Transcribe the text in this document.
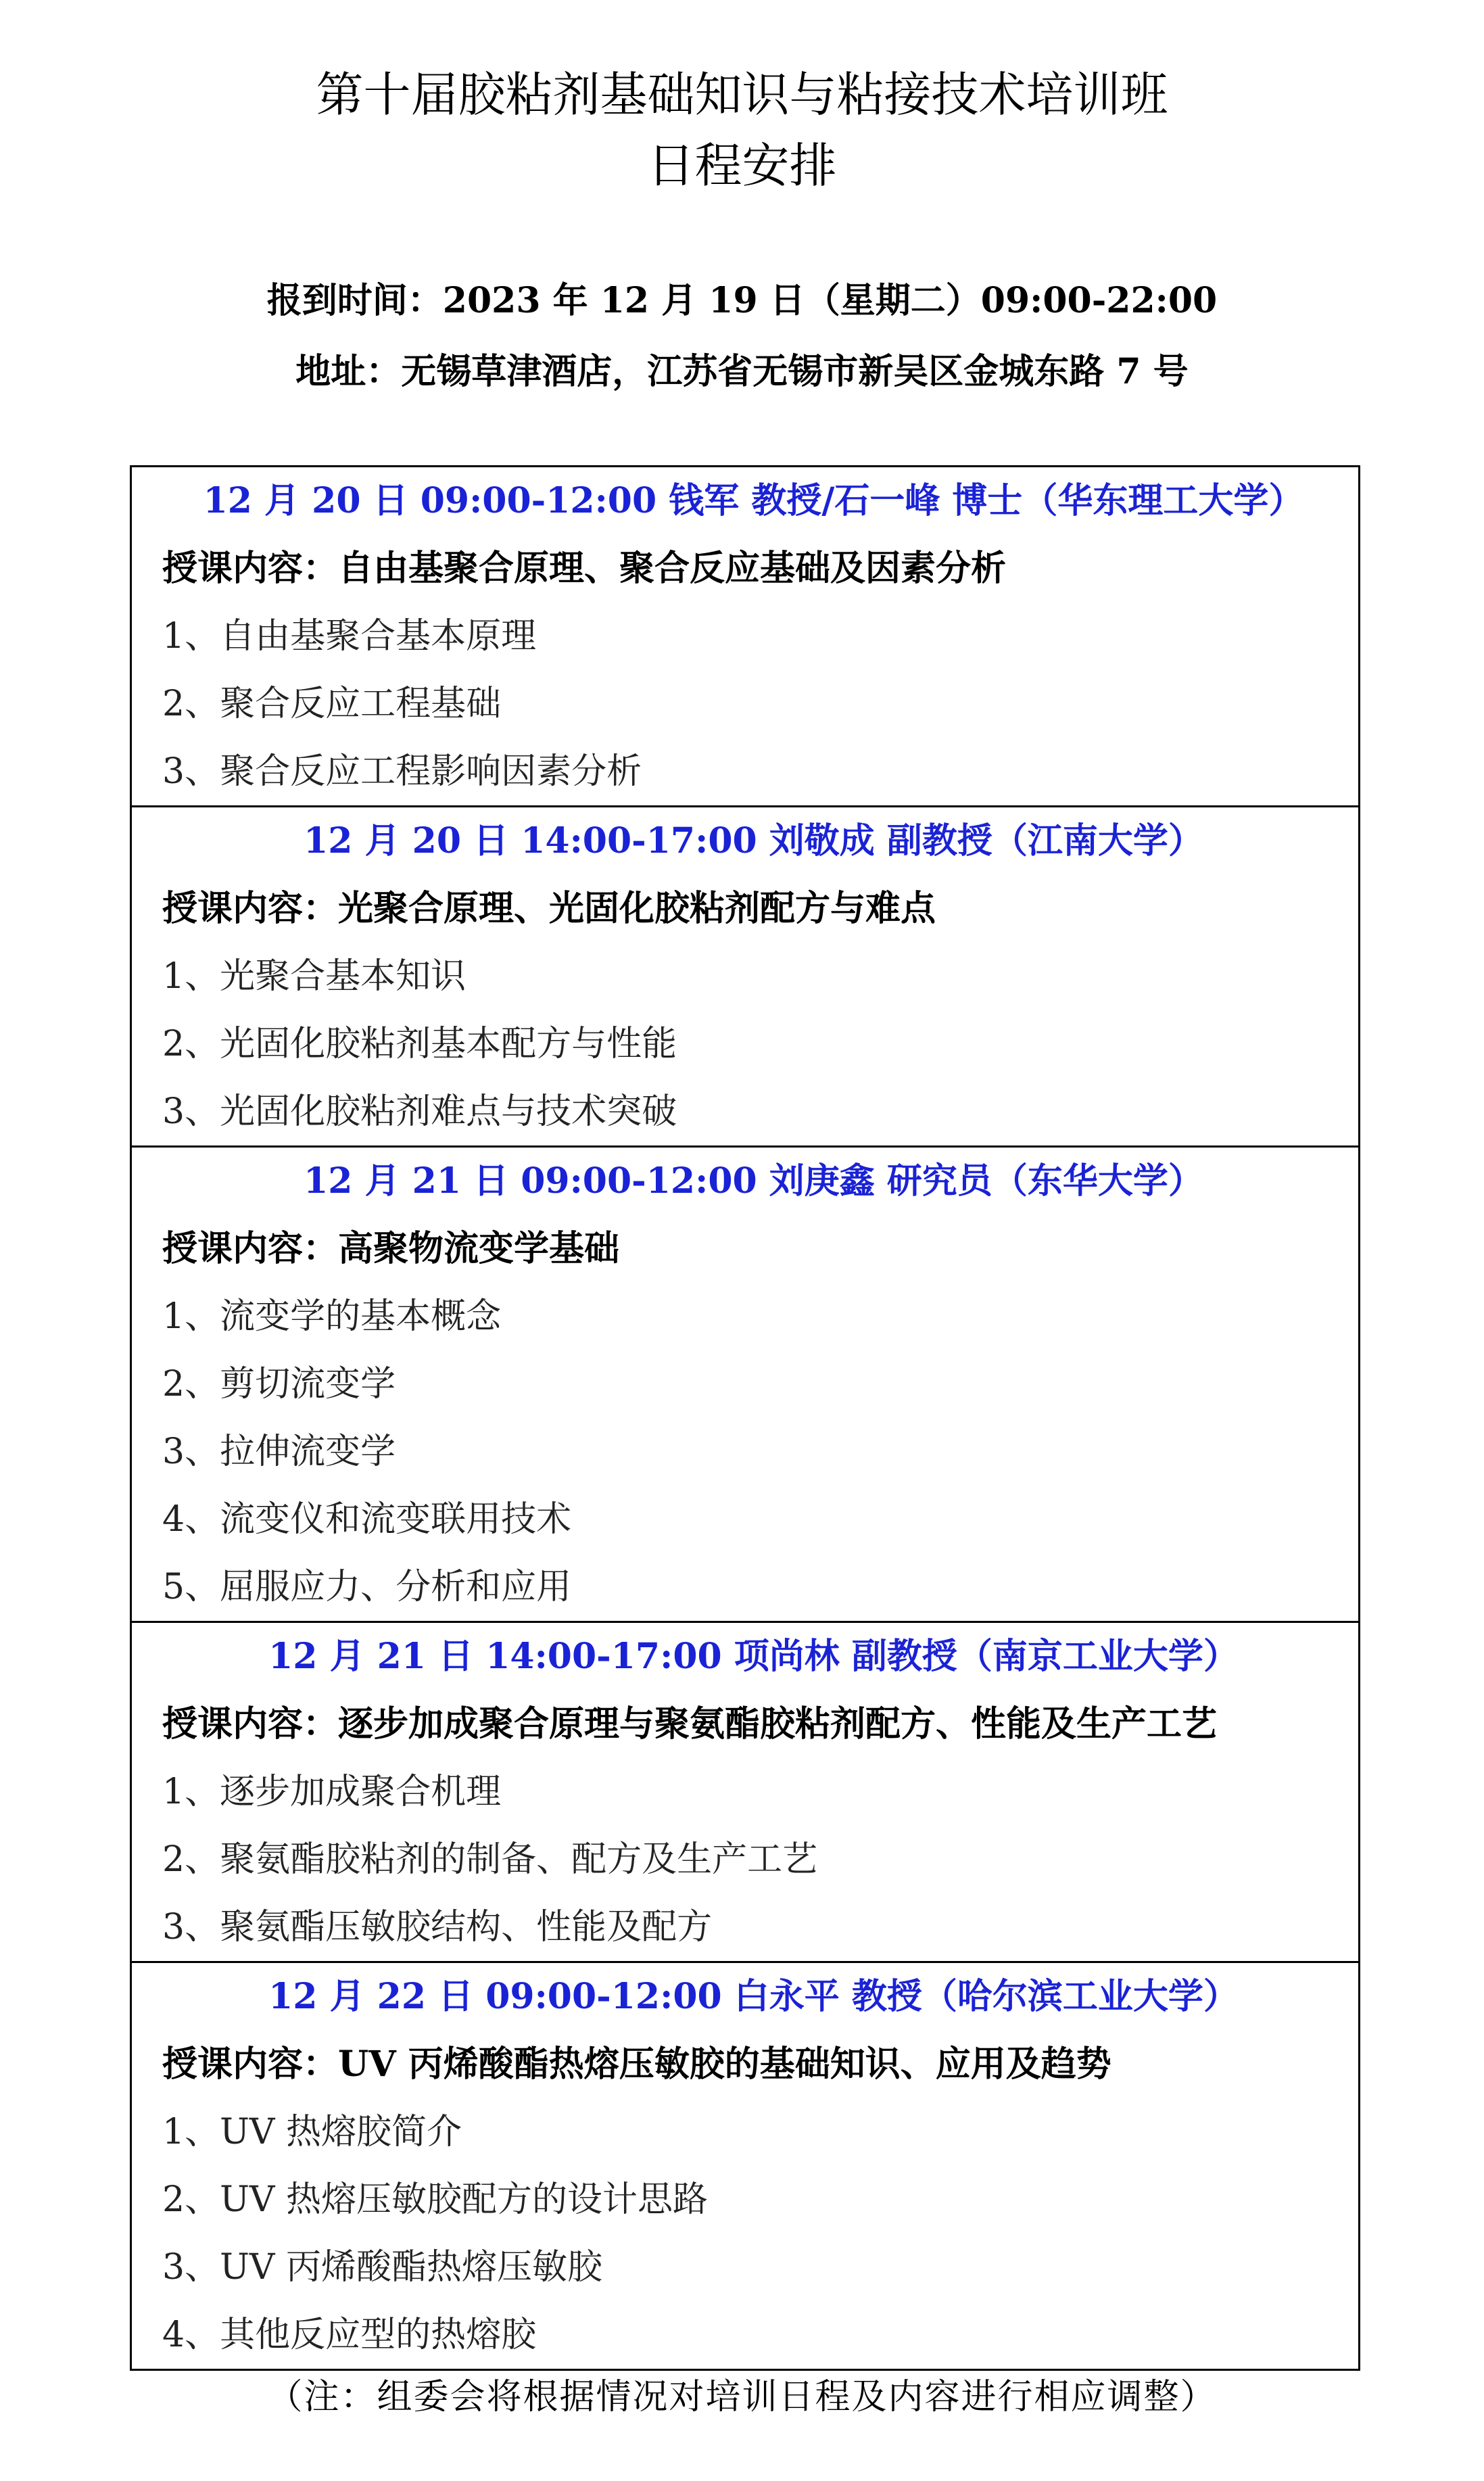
第十届胶粘剂基础知识与粘接技术培训班
日程安排
报到时间：2023 年 12 月 19 日（星期二）09:00-22:00
地址：无锡草津酒店，江苏省无锡市新吴区金城东路 7 号
12 月 20 日 09:00-12:00 钱军 教授/石一峰 博士（华东理工大学）
授课内容：自由基聚合原理、聚合反应基础及因素分析
1、自由基聚合基本原理
2、聚合反应工程基础
3、聚合反应工程影响因素分析
12 月 20 日 14:00-17:00 刘敬成 副教授（江南大学）
授课内容：光聚合原理、光固化胶粘剂配方与难点
1、光聚合基本知识
2、光固化胶粘剂基本配方与性能
3、光固化胶粘剂难点与技术突破
12 月 21 日 09:00-12:00 刘庚鑫 研究员（东华大学）
授课内容：高聚物流变学基础
1、流变学的基本概念
2、剪切流变学
3、拉伸流变学
4、流变仪和流变联用技术
5、屈服应力、分析和应用
12 月 21 日 14:00-17:00 项尚林 副教授（南京工业大学）
授课内容：逐步加成聚合原理与聚氨酯胶粘剂配方、性能及生产工艺
1、逐步加成聚合机理
2、聚氨酯胶粘剂的制备、配方及生产工艺
3、聚氨酯压敏胶结构、性能及配方
12 月 22 日 09:00-12:00 白永平 教授（哈尔滨工业大学）
授课内容：UV 丙烯酸酯热熔压敏胶的基础知识、应用及趋势
1、UV 热熔胶简介
2、UV 热熔压敏胶配方的设计思路
3、UV 丙烯酸酯热熔压敏胶
4、其他反应型的热熔胶
（注：组委会将根据情况对培训日程及内容进行相应调整）
